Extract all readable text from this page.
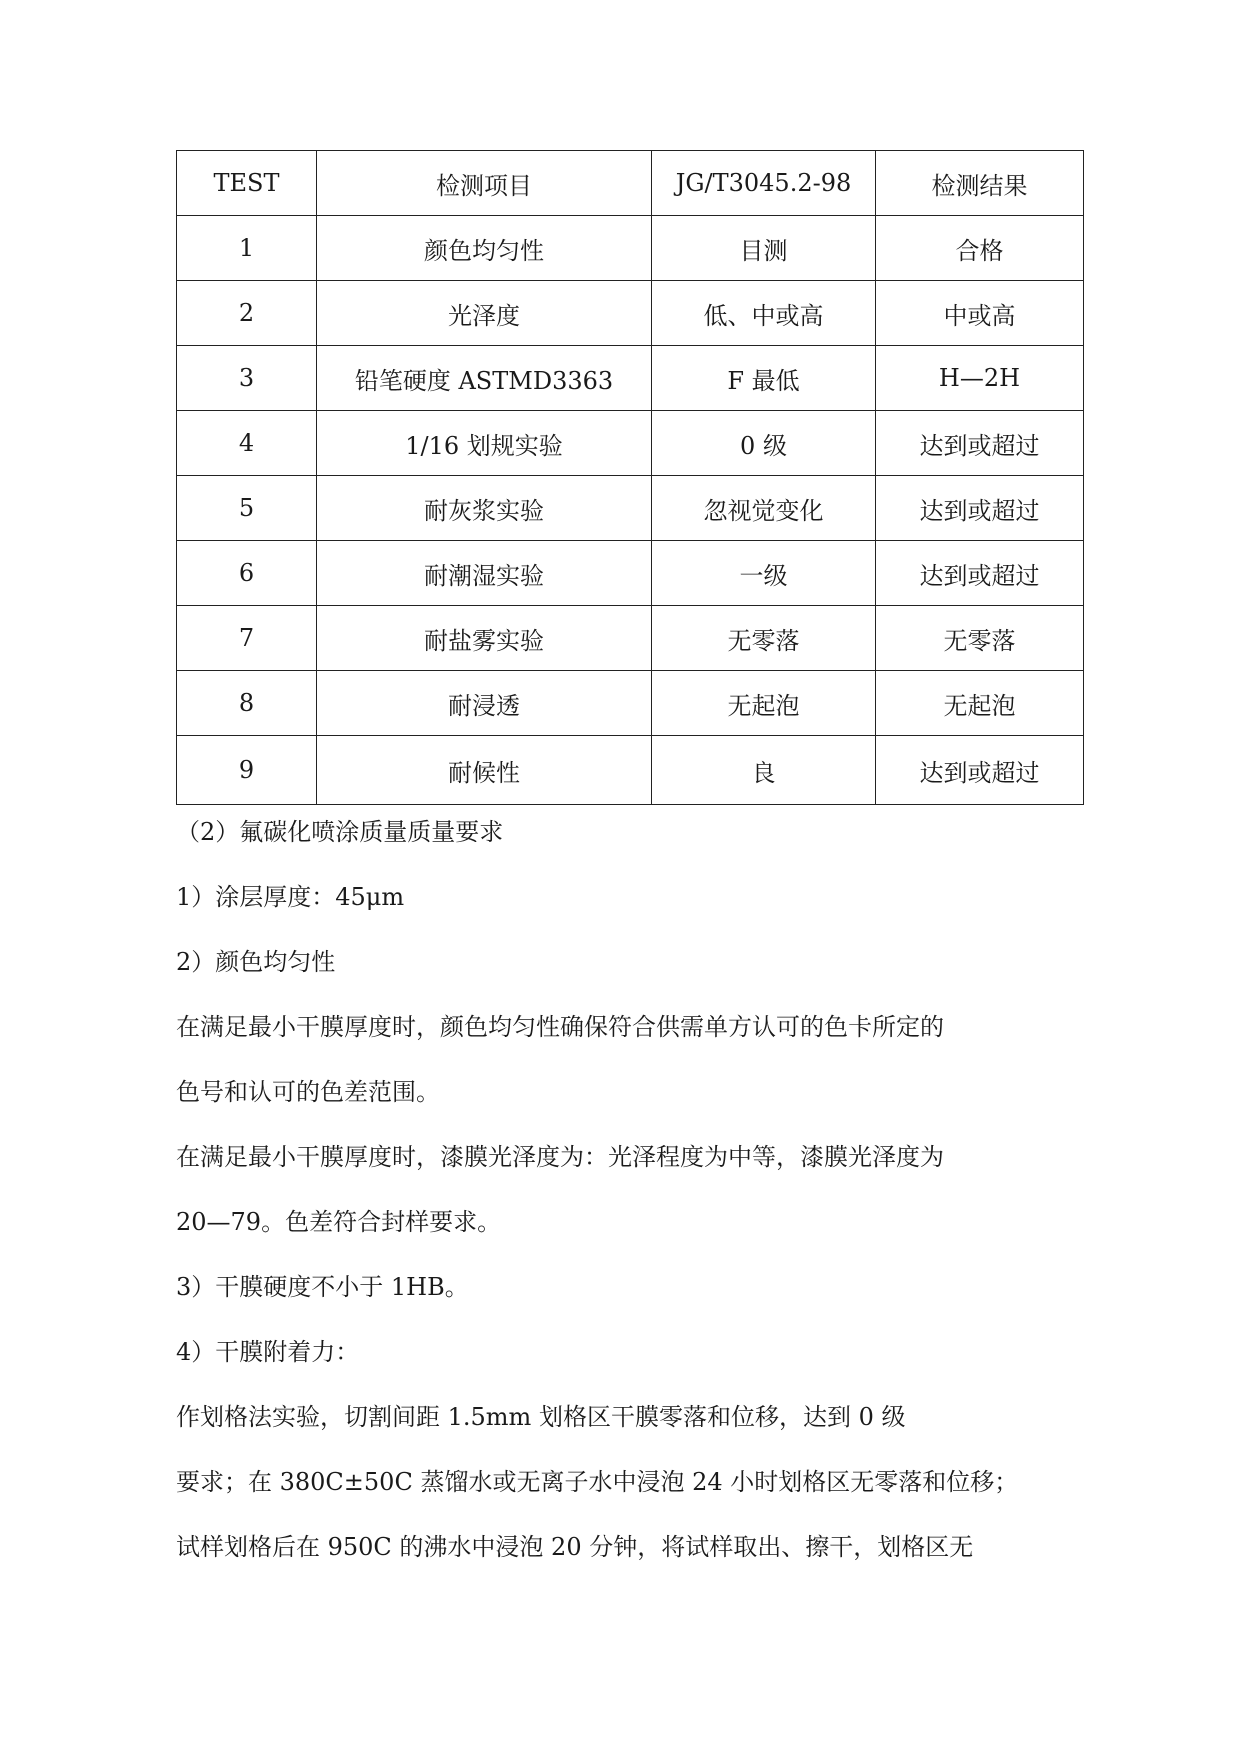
TEST	检测项目	JG/T3045.2-98	检测结果
1	颜色均匀性	目测	合格
2	光泽度	低、中或高	中或高
3	铅笔硬度 ASTMD3363	F 最低	H—2H
4	1/16 划规实验	0 级	达到或超过
5	耐灰浆实验	忽视觉变化	达到或超过
6	耐潮湿实验	一级	达到或超过
7	耐盐雾实验	无零落	无零落
8	耐浸透	无起泡	无起泡
9	耐候性	良	达到或超过
（2）氟碳化喷涂质量质量要求
1）涂层厚度：45μm
2）颜色均匀性
在满足最小干膜厚度时，颜色均匀性确保符合供需单方认可的色卡所定的
色号和认可的色差范围。
在满足最小干膜厚度时，漆膜光泽度为：光泽程度为中等，漆膜光泽度为
20—79。色差符合封样要求。
3）干膜硬度不小于 1HB。
4）干膜附着力：
作划格法实验，切割间距 1.5mm 划格区干膜零落和位移，达到 0 级
要求；在 380C±50C 蒸馏水或无离子水中浸泡 24 小时划格区无零落和位移；
试样划格后在 950C 的沸水中浸泡 20 分钟，将试样取出、擦干，划格区无
